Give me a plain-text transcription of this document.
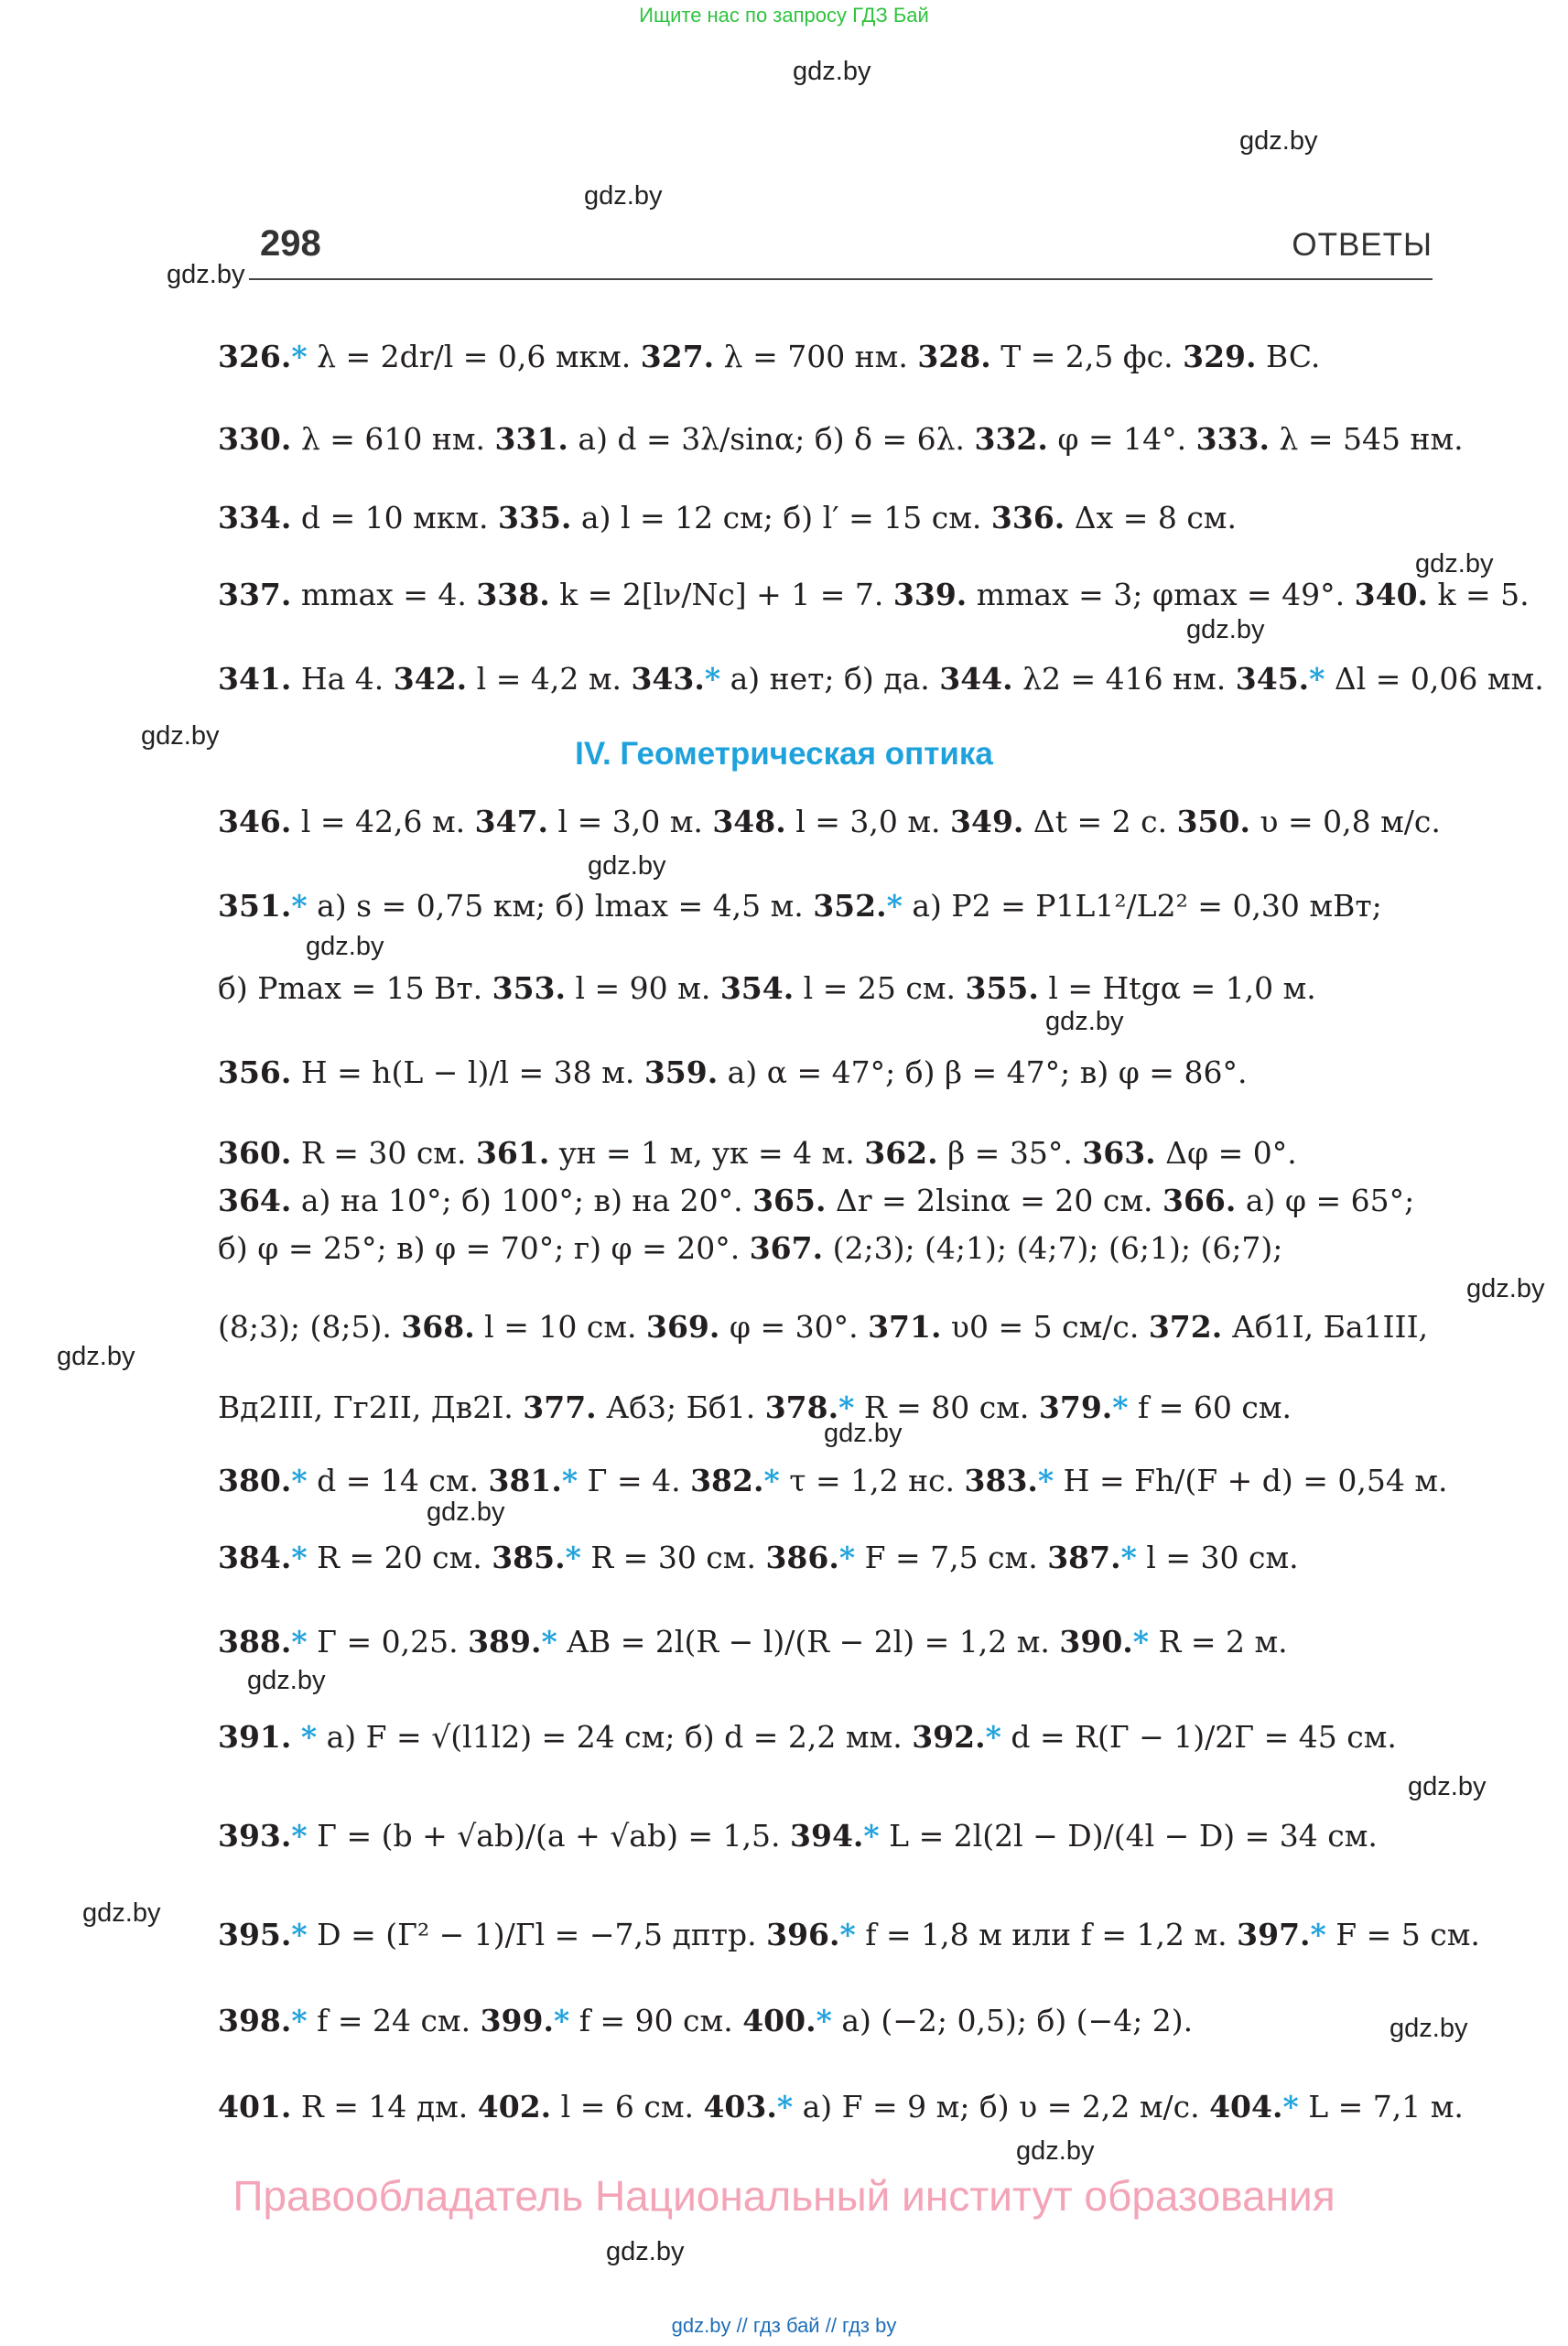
Ищите нас по запросу ГДЗ Бай
gdz.by
gdz.by
gdz.by
gdz.by
gdz.by
gdz.by
gdz.by
gdz.by
gdz.by
gdz.by
gdz.by
gdz.by
gdz.by
gdz.by
gdz.by
gdz.by
gdz.by
gdz.by
gdz.by
gdz.by
298	ОТВЕТЫ
326.* λ = 2dr/l = 0,6 мкм. 327. λ = 700 нм. 328. T = 2,5 фс. 329. BC.
330. λ = 610 нм. 331. а) d = 3λ/sinα; б) δ = 6λ. 332. φ = 14°. 333. λ = 545 нм.
334. d = 10 мкм. 335. а) l = 12 см; б) l′ = 15 см. 336. Δx = 8 см.
337. mmax = 4. 338. k = 2[lν/Nc] + 1 = 7. 339. mmax = 3; φmax = 49°. 340. k = 5.
341. На 4. 342. l = 4,2 м. 343.* а) нет; б) да. 344. λ2 = 416 нм. 345.* Δl = 0,06 мм.
IV. Геометрическая оптика
346. l = 42,6 м. 347. l = 3,0 м. 348. l = 3,0 м. 349. Δt = 2 с. 350. υ = 0,8 м/с.
351.* а) s = 0,75 км; б) lmax = 4,5 м. 352.* а) P2 = P1L1²/L2² = 0,30 мВт;
б) Pmax = 15 Вт. 353. l = 90 м. 354. l = 25 см. 355. l = Htgα = 1,0 м.
356. H = h(L − l)/l = 38 м. 359. а) α = 47°; б) β = 47°; в) φ = 86°.
360. R = 30 см. 361. yн = 1 м, yк = 4 м. 362. β = 35°. 363. Δφ = 0°.
364. а) на 10°; б) 100°; в) на 20°. 365. Δr = 2lsinα = 20 см. 366. а) φ = 65°;
б) φ = 25°; в) φ = 70°; г) φ = 20°. 367. (2;3); (4;1); (4;7); (6;1); (6;7);
(8;3); (8;5). 368. l = 10 см. 369. φ = 30°. 371. υ0 = 5 см/с. 372. Аб1I, Ба1III,
Вд2III, Гг2II, Дв2I. 377. Аб3; Бб1. 378.* R = 80 см. 379.* f = 60 см.
380.* d = 14 см. 381.* Г = 4. 382.* τ = 1,2 нс. 383.* H = Fh/(F + d) = 0,54 м.
384.* R = 20 см. 385.* R = 30 см. 386.* F = 7,5 см. 387.* l = 30 см.
388.* Г = 0,25. 389.* AB = 2l(R − l)/(R − 2l) = 1,2 м. 390.* R = 2 м.
391. * а) F = √(l1l2) = 24 см; б) d = 2,2 мм. 392.* d = R(Г − 1)/2Г = 45 см.
393.* Г = (b + √ab)/(a + √ab) = 1,5. 394.* L = 2l(2l − D)/(4l − D) = 34 см.
395.* D = (Г² − 1)/Гl = −7,5 дптр. 396.* f = 1,8 м или f = 1,2 м. 397.* F = 5 см.
398.* f = 24 см. 399.* f = 90 см. 400.* а) (−2; 0,5); б) (−4; 2).
401. R = 14 дм. 402. l = 6 см. 403.* а) F = 9 м; б) υ = 2,2 м/с. 404.* L = 7,1 м.
Правообладатель Национальный институт образования
gdz.by // гдз бай // гдз by
